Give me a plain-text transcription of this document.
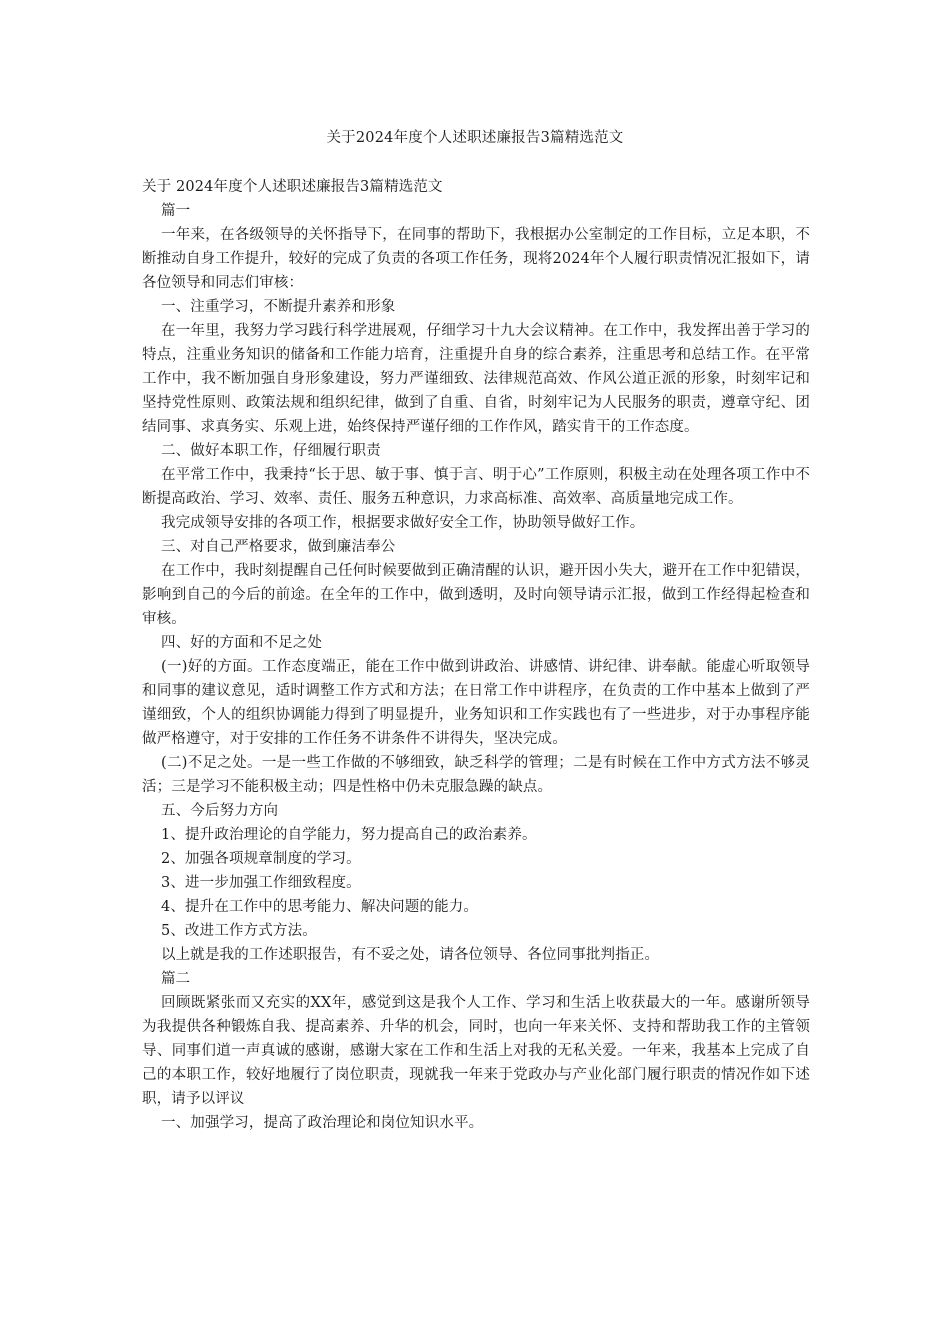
关于2024年度个人述职述廉报告3篇精选范文

关于 2024年度个人述职述廉报告3篇精选范文

篇一

一年来，在各级领导的关怀指导下，在同事的帮助下，我根据办公室制定的工作目标，立足本职，不断推动自身工作提升，较好的完成了负责的各项工作任务，现将2024年个人履行职责情况汇报如下，请各位领导和同志们审核：

一、注重学习，不断提升素养和形象

在一年里，我努力学习践行科学进展观，仔细学习十九大会议精神。在工作中，我发挥出善于学习的特点，注重业务知识的储备和工作能力培育，注重提升自身的综合素养，注重思考和总结工作。在平常工作中，我不断加强自身形象建设，努力严谨细致、法律规范高效、作风公道正派的形象，时刻牢记和坚持党性原则、政策法规和组织纪律，做到了自重、自省，时刻牢记为人民服务的职责，遵章守纪、团结同事、求真务实、乐观上进，始终保持严谨仔细的工作作风，踏实肯干的工作态度。

二、做好本职工作，仔细履行职责

在平常工作中，我秉持“长于思、敏于事、慎于言、明于心”工作原则，积极主动在处理各项工作中不断提高政治、学习、效率、责任、服务五种意识，力求高标准、高效率、高质量地完成工作。

我完成领导安排的各项工作，根据要求做好安全工作，协助领导做好工作。

三、对自己严格要求，做到廉洁奉公

在工作中，我时刻提醒自己任何时候要做到正确清醒的认识，避开因小失大，避开在工作中犯错误，影响到自己的今后的前途。在全年的工作中，做到透明，及时向领导请示汇报，做到工作经得起检查和审核。

四、好的方面和不足之处

(一)好的方面。工作态度端正，能在工作中做到讲政治、讲感情、讲纪律、讲奉献。能虚心听取领导和同事的建议意见，适时调整工作方式和方法；在日常工作中讲程序，在负责的工作中基本上做到了严谨细致，个人的组织协调能力得到了明显提升，业务知识和工作实践也有了一些进步，对于办事程序能做严格遵守，对于安排的工作任务不讲条件不讲得失，坚决完成。

(二)不足之处。一是一些工作做的不够细致，缺乏科学的管理；二是有时候在工作中方式方法不够灵活；三是学习不能积极主动；四是性格中仍未克服急躁的缺点。

五、今后努力方向

1、提升政治理论的自学能力，努力提高自己的政治素养。

2、加强各项规章制度的学习。

3、进一步加强工作细致程度。

4、提升在工作中的思考能力、解决问题的能力。

5、改进工作方式方法。

以上就是我的工作述职报告，有不妥之处，请各位领导、各位同事批判指正。

篇二

回顾既紧张而又充实的XX年，感觉到这是我个人工作、学习和生活上收获最大的一年。感谢所领导为我提供各种锻炼自我、提高素养、升华的机会，同时，也向一年来关怀、支持和帮助我工作的主管领导、同事们道一声真诚的感谢，感谢大家在工作和生活上对我的无私关爱。一年来，我基本上完成了自己的本职工作，较好地履行了岗位职责，现就我一年来于党政办与产业化部门履行职责的情况作如下述职，请予以评议

一、加强学习，提高了政治理论和岗位知识水平。
